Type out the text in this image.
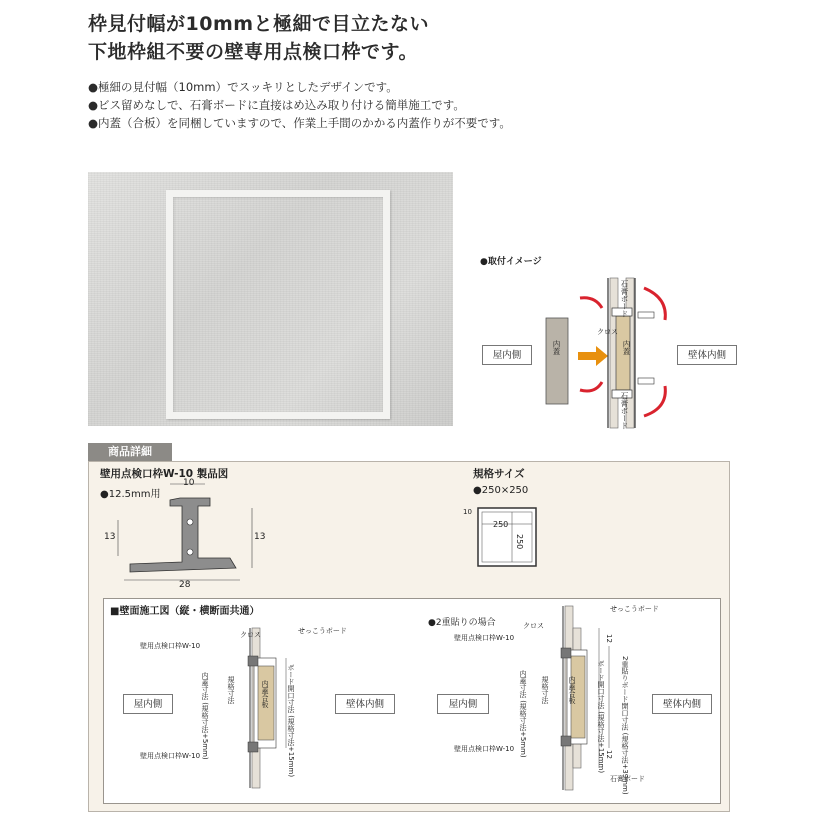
枠見付幅が10mmと極細で目立たない
下地枠組不要の壁専用点検口枠です。
●極細の見付幅（10mm）でスッキリとしたデザインです。
●ビス留めなしで、石膏ボードに直接はめ込み取り付ける簡単施工です。
●内蓋（合板）を同梱していますので、作業上手間のかかる内蓋作りが不要です。
●取付イメージ
屋内側	壁体内側
クロス
石膏ボード
石膏ボード
内蓋	内蓋
商品詳細
壁用点検口枠W-10 製品図
●12.5mm用
10
13	13
28
規格サイズ
●250×250
10
250
250
■壁面施工図（縦・横断面共通）
屋内側	壁体内側
クロス	せっこうボード
壁用点検口枠W-10
壁用点検口枠W-10
内蓋合板
内蓋寸法 (規格寸法+5mm)	規格寸法	ボード開口寸法 (規格寸法+15mm)
●2重貼りの場合
屋内側	壁体内側
クロス
せっこうボード
石膏ボード
壁用点検口枠W-10
壁用点検口枠W-10
内蓋合板
内蓋寸法 (規格寸法+5mm) 規格寸法	ボード開口寸法 (規格寸法+15mm) 2重貼りボード開口寸法 (規格寸法+39mm)
12
12
